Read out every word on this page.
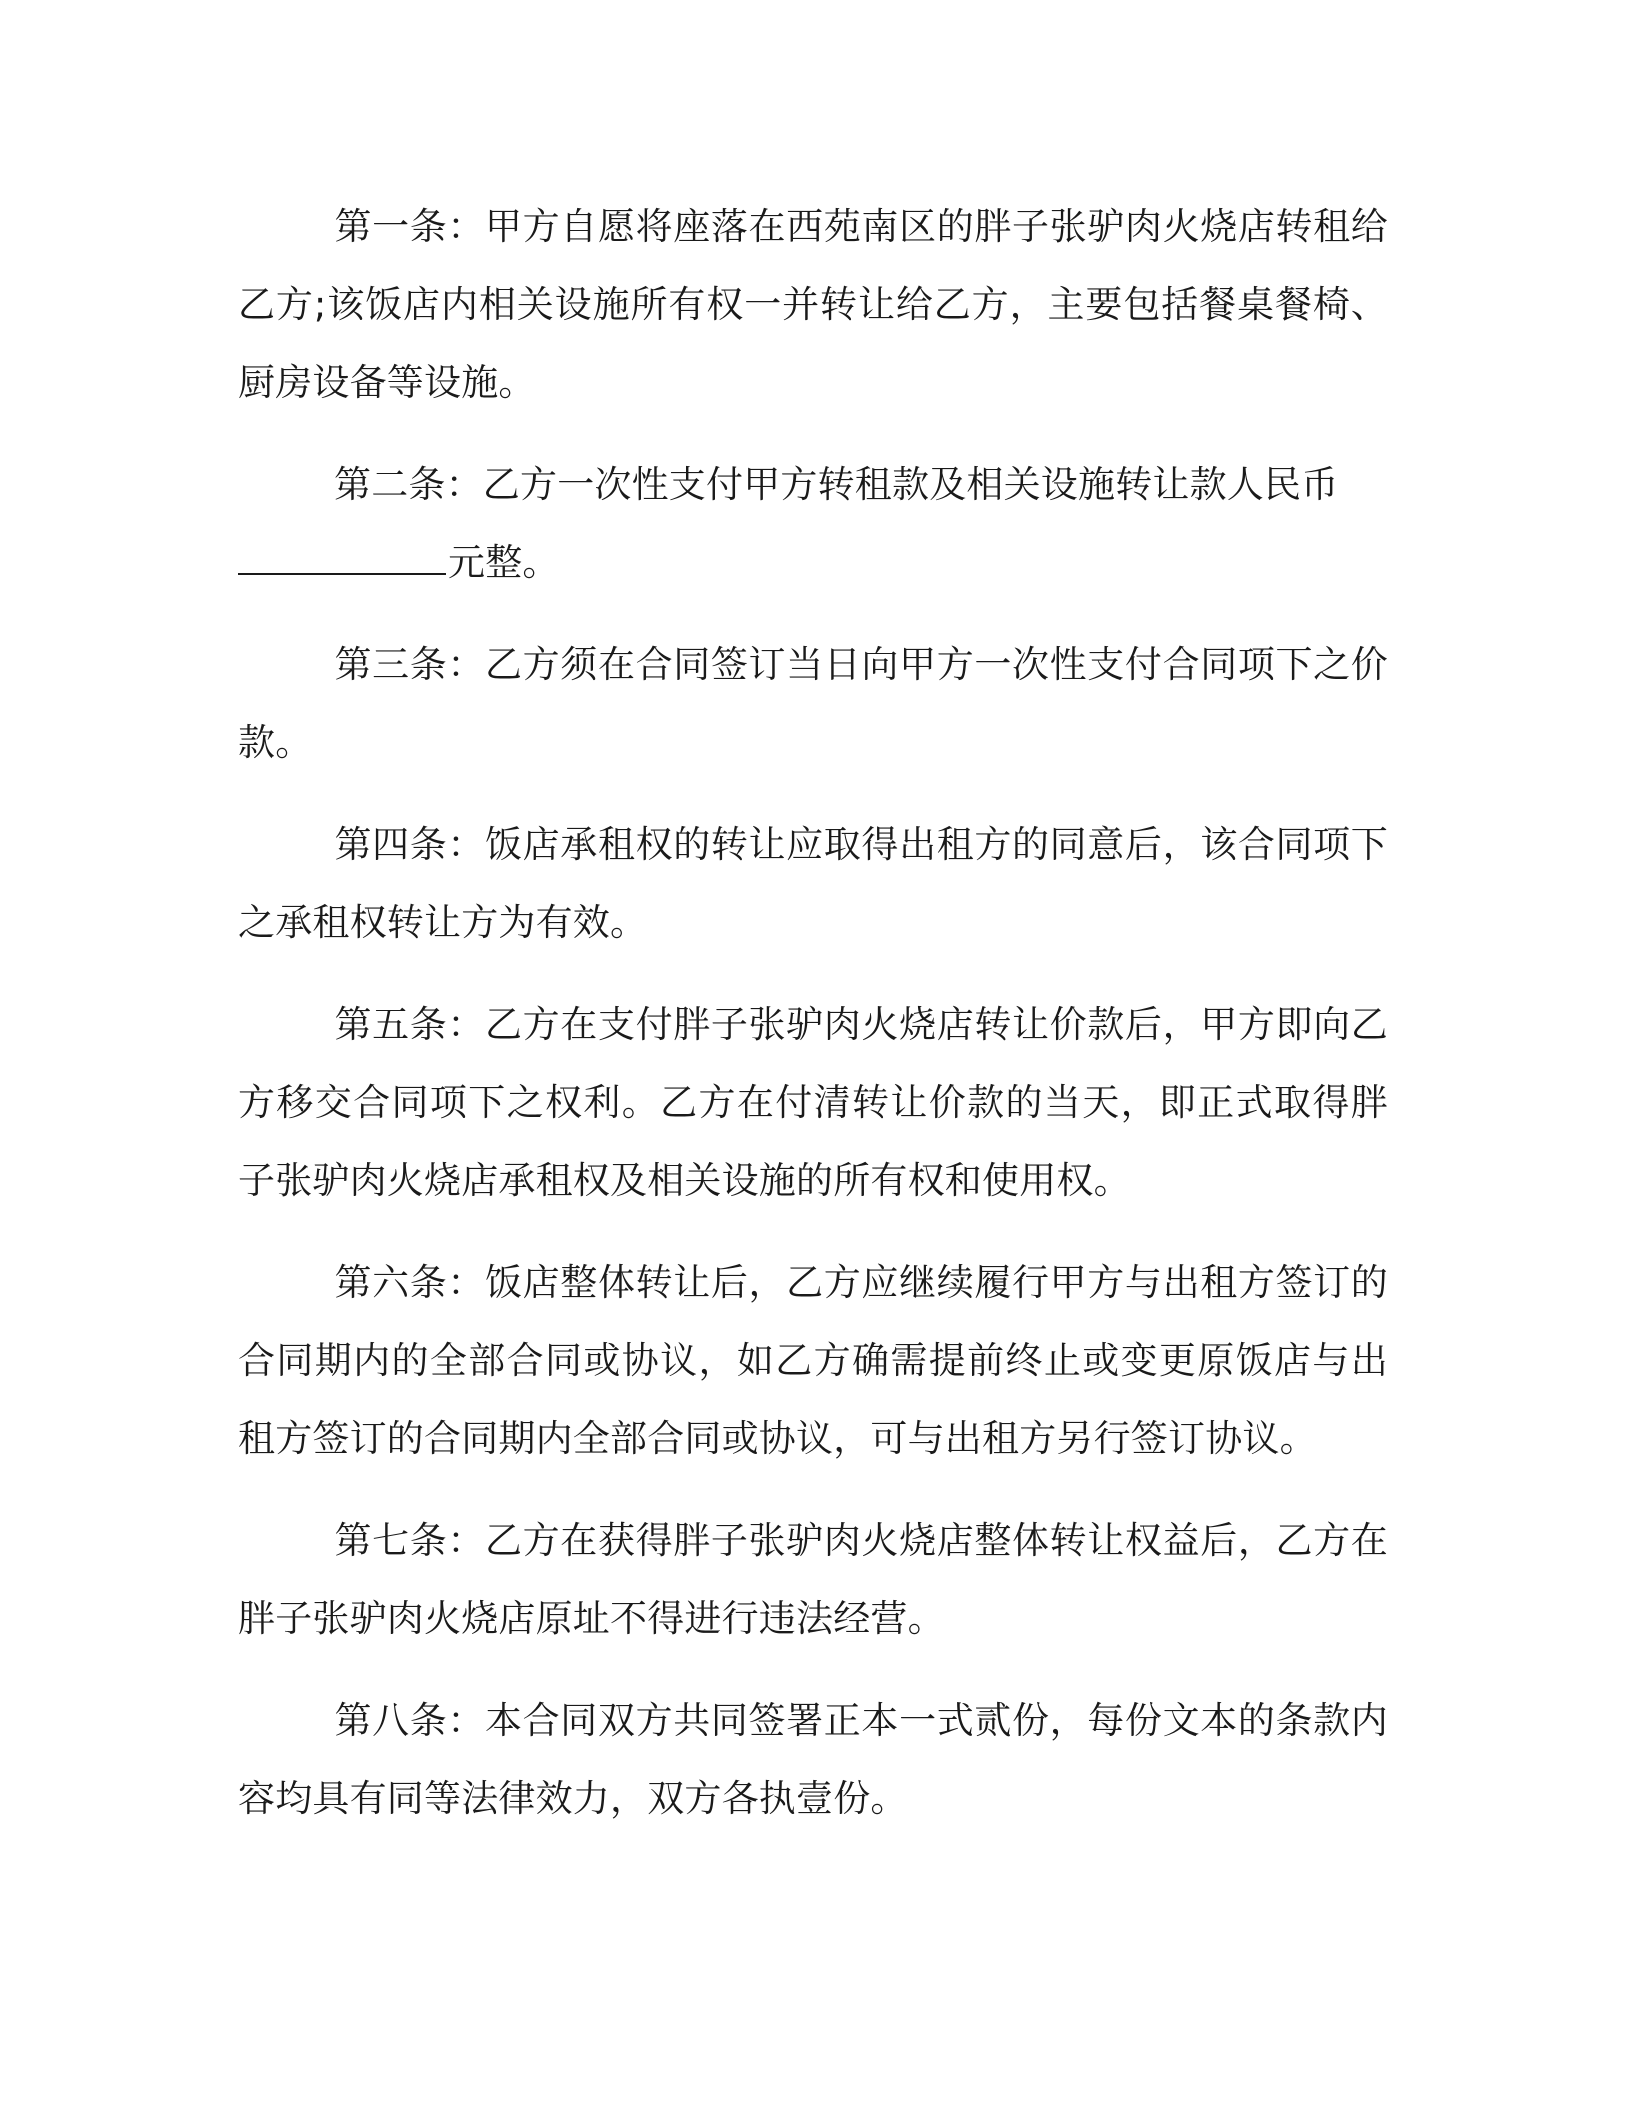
第一条：甲方自愿将座落在西苑南区的胖子张驴肉火烧店转租给乙方;该饭店内相关设施所有权一并转让给乙方，主要包括餐桌餐椅、厨房设备等设施。

第二条：乙方一次性支付甲方转租款及相关设施转让款人民币
元整。

第三条：乙方须在合同签订当日向甲方一次性支付合同项下之价款。

第四条：饭店承租权的转让应取得出租方的同意后，该合同项下之承租权转让方为有效。

第五条：乙方在支付胖子张驴肉火烧店转让价款后，甲方即向乙方移交合同项下之权利。乙方在付清转让价款的当天，即正式取得胖子张驴肉火烧店承租权及相关设施的所有权和使用权。

第六条：饭店整体转让后，乙方应继续履行甲方与出租方签订的合同期内的全部合同或协议，如乙方确需提前终止或变更原饭店与出租方签订的合同期内全部合同或协议，可与出租方另行签订协议。

第七条：乙方在获得胖子张驴肉火烧店整体转让权益后，乙方在胖子张驴肉火烧店原址不得进行违法经营。

第八条：本合同双方共同签署正本一式贰份，每份文本的条款内容均具有同等法律效力，双方各执壹份。
